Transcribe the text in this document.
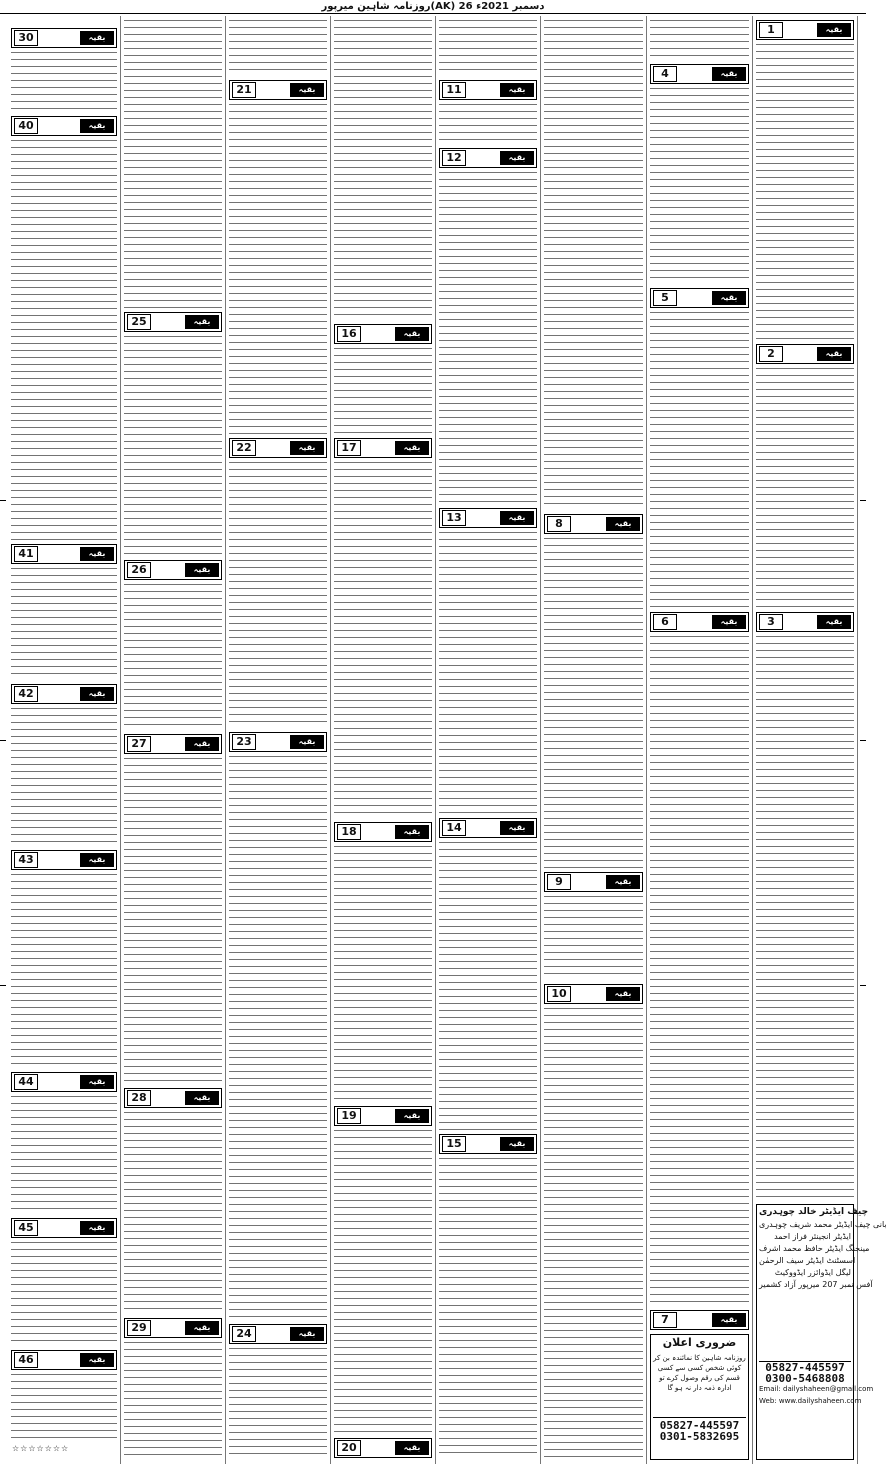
روزنامہ شاہین میرپور(AK) 26 دسمبر 2021ء
30	بقیہ
40	بقیہ
41	بقیہ
42	بقیہ
43	بقیہ
44	بقیہ
45	بقیہ
46	بقیہ
☆☆☆☆☆☆☆
25	بقیہ
26	بقیہ
27	بقیہ
28	بقیہ
29	بقیہ
21	بقیہ
22	بقیہ
23	بقیہ
24	بقیہ
16	بقیہ
17	بقیہ
18	بقیہ
19	بقیہ
20	بقیہ
11	بقیہ
12	بقیہ
13	بقیہ
14	بقیہ
15	بقیہ
8	بقیہ
9	بقیہ
10	بقیہ
4	بقیہ
5	بقیہ
6	بقیہ
7	بقیہ
ضروری اعلان
روزنامہ شاہین کا نمائندہ بن کر کوئی شخص کسی سے کسی قسم کی رقم وصول کرے تو ادارہ ذمہ دار نہ ہو گا
05827-445597
0301-5832695
1	بقیہ
2	بقیہ
3	بقیہ
چیف ایڈیٹر خالد چوہدری
بانی چیف ایڈیٹر محمد شریف چوہدری
ایڈیٹر انجینئر فراز احمد
مینجنگ ایڈیٹر حافظ محمد اشرف
اسسٹنٹ ایڈیٹر سیف الرحمٰن
لیگل ایڈوائزر ایڈووکیٹ
آفس نمبر 207 میرپور آزاد کشمیر
05827-445597
0300-5468808
Email: dailyshaheen@gmail.com
Web: www.dailyshaheen.com
